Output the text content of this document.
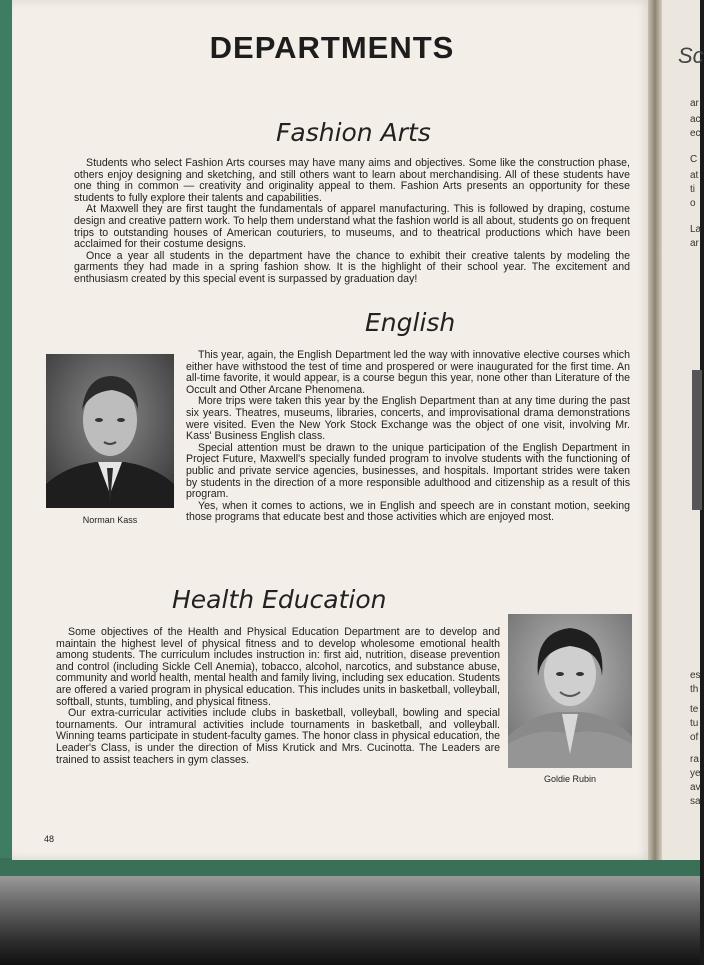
Sc
ar
ac
ec
C
at
ti
o
La
ar
es
th
te
tu
of
ra
ye
av
sa
DEPARTMENTS
Fashion Arts

Students who select Fashion Arts courses may have many aims and objectives. Some like the construction phase, others enjoy designing and sketching, and still others want to learn about merchandising. All of these students have one thing in common — creativity and originality appeal to them. Fashion Arts presents an opportunity for these students to fully explore their talents and capabilities.

At Maxwell they are first taught the fundamentals of apparel manufacturing. This is followed by draping, costume design and creative pattern work. To help them understand what the fashion world is all about, students go on frequent trips to outstanding houses of American couturiers, to museums, and to theatrical productions which have been acclaimed for their costume designs.

Once a year all students in the department have the chance to exhibit their creative talents by modeling the garments they had made in a spring fashion show. It is the highlight of their school year. The excitement and enthusiasm created by this special event is surpassed by graduation day!

English
Norman Kass

This year, again, the English Department led the way with innovative elective courses which either have withstood the test of time and prospered or were inaugurated for the first time. An all-time favorite, it would appear, is a course begun this year, none other than Literature of the Occult and Other Arcane Phenomena.

More trips were taken this year by the English Department than at any time during the past six years. Theatres, museums, libraries, concerts, and improvisational drama demonstrations were visited. Even the New York Stock Exchange was the object of one visit, involving Mr. Kass' Business English class.

Special attention must be drawn to the unique participation of the English Department in Project Future, Maxwell's specially funded program to involve students with the functioning of public and private service agencies, businesses, and hospitals. Important strides were taken by students in the direction of a more responsible adulthood and citizenship as a result of this program.

Yes, when it comes to actions, we in English and speech are in constant motion, seeking those programs that educate best and those activities which are enjoyed most.

Health Education

Some objectives of the Health and Physical Education Department are to develop and maintain the highest level of physical fitness and to develop wholesome emotional health among students. The curriculum includes instruction in: first aid, nutrition, disease prevention and control (including Sickle Cell Anemia), tobacco, alcohol, narcotics, and substance abuse, community and world health, mental health and family living, including sex education. Students are offered a varied program in physical education. This includes units in basketball, volleyball, softball, stunts, tumbling, and physical fitness.

Our extra-curricular activities include clubs in basketball, volleyball, bowling and special tournaments. Our intramural activities include tournaments in basketball, and volleyball. Winning teams participate in student-faculty games. The honor class in physical education, the Leader's Class, is under the direction of Miss Krutick and Mrs. Cucinotta. The Leaders are trained to assist teachers in gym classes.

Goldie Rubin
48
